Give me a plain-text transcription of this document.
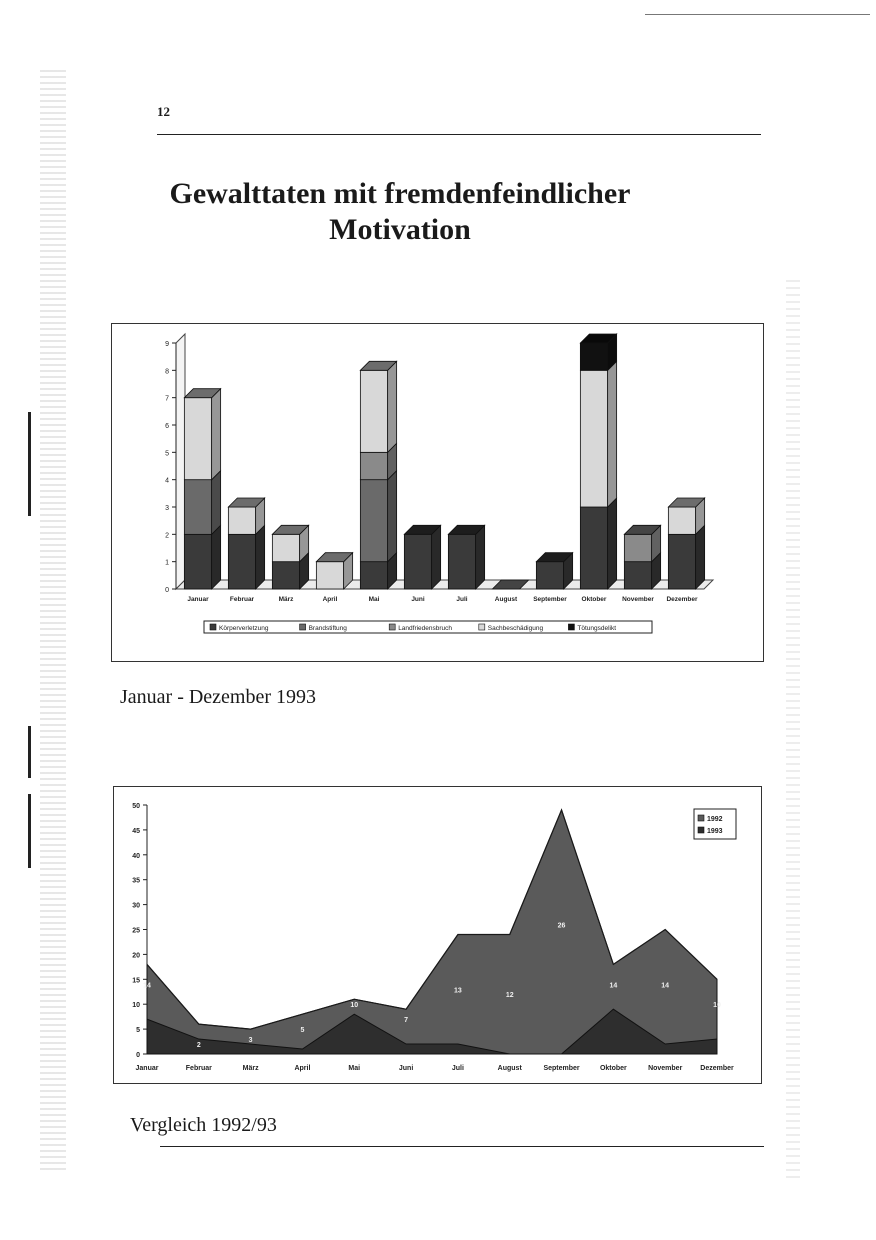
12
Gewalttaten mit fremdenfeindlicher
Motivation
0
1
2
3
4
5
6
7
8
9
Januar	Februar	März	April	Mai	Juni	Juli	August September Oktober November Dezember
Körperverletzung	Brandstiftung	Landfriedensbruch	Sachbeschädigung	Tötungsdelikt
Januar - Dezember 1993
0
5
10
15
20
25
30
35
40
45
50
14
2
3
5
10
7
13
12
26
14	14
10
Januar	Februar	März	April	Mai	Juni	Juli	August	September	Oktober	November	Dezember
1992
1993
Vergleich 1992/93
